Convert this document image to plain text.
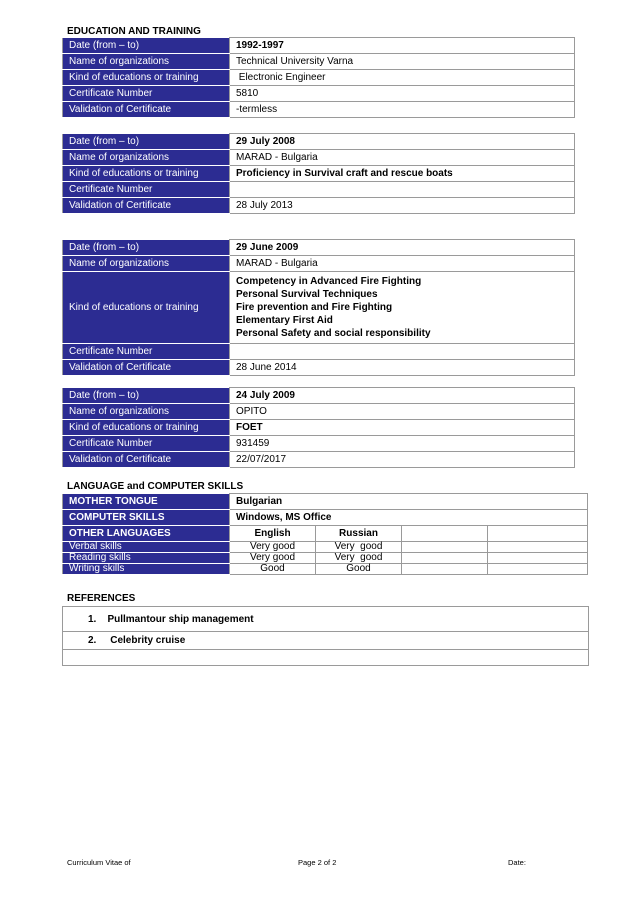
EDUCATION AND TRAINING
Date (from – to)	1992-1997
Name of organizations	Technical University Varna
Kind of educations or training	Electronic Engineer
Certificate Number	5810
Validation of Certificate	-termless
Date (from – to)	29 July 2008
Name of organizations	MARAD - Bulgaria
Kind of educations or training	Proficiency in Survival craft and rescue boats
Certificate Number	
Validation of Certificate	28 July 2013
Date (from – to)	29 June 2009
Name of organizations	MARAD - Bulgaria
Kind of educations or training	Competency in Advanced Fire Fighting
Personal Survival Techniques
Fire prevention and Fire Fighting
Elementary First Aid
Personal Safety and social responsibility

Certificate Number	
Validation of Certificate	28 June 2014
Date (from – to)	24 July 2009
Name of organizations	OPITO
Kind of educations or training	FOET
Certificate Number	931459
Validation of Certificate	22/07/2017
LANGUAGE and COMPUTER SKILLS
MOTHER TONGUE	Bulgarian			
COMPUTER SKILLS	Windows, MS Office			
OTHER LANGUAGES	English	Russian		
Verbal skills	Very good	Very  good		
Reading skills	Very good	Very  good		
Writing skills	Good	Good		
REFERENCES
1.    Pullmantour ship management
2.     Celebrity cruise

Curriculum Vitae of	Page 2 of 2	Date:
